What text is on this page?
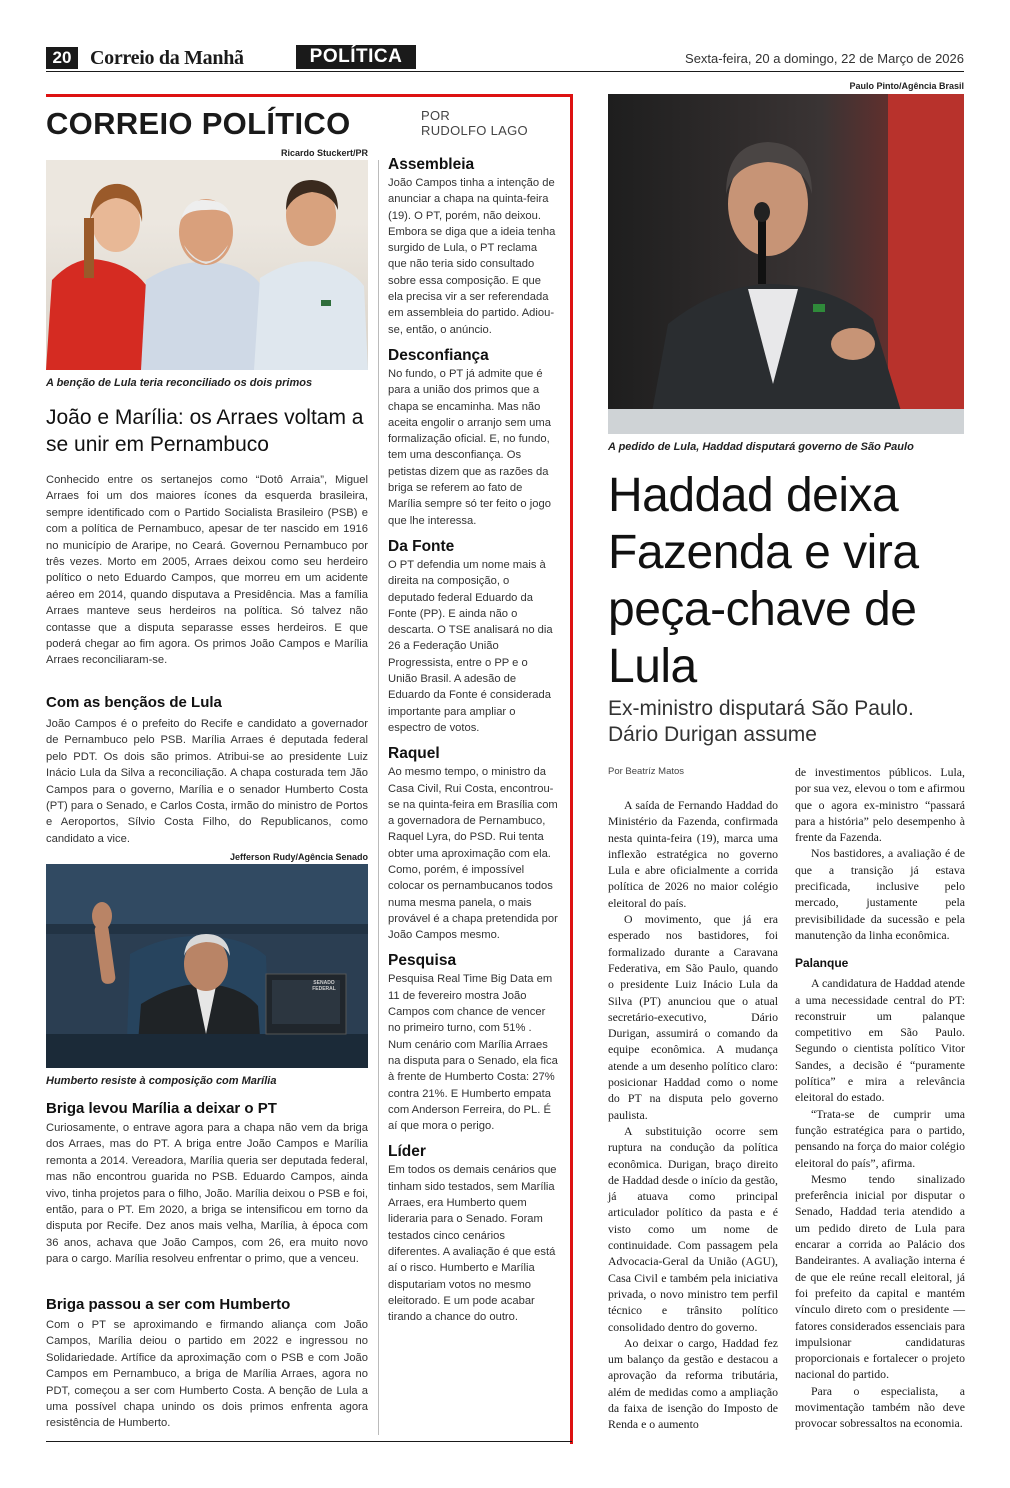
20 Correio da Manhã	POLÍTICA	Sexta-feira, 20 a domingo, 22 de Março de 2026
CORREIO POLÍTICO	POR
RUDOLFO LAGO
Ricardo Stuckert/PR
A benção de Lula teria reconciliado os dois primos
João e Marília: os Arraes voltam a se unir em Pernambuco
Conhecido entre os sertanejos como “Dotô Arraia”, Miguel Arraes foi um dos maiores ícones da esquerda brasileira, sempre identificado com o Partido Socialista Brasileiro (PSB) e com a política de Pernambuco, apesar de ter nascido em 1916 no município de Araripe, no Ceará. Governou Pernambuco por três vezes. Morto em 2005, Arraes deixou como seu herdeiro político o neto Eduardo Campos, que morreu em um acidente aéreo em 2014, quando disputava a Presidência. Mas a família Arraes manteve seus herdeiros na política. Só talvez não contasse que a disputa separasse esses herdeiros. E que poderá chegar ao fim agora. Os primos João Campos e Marília Arraes reconciliaram-se.
Com as bençãos de Lula
João Campos é o prefeito do Recife e candidato a governador de Pernambuco pelo PSB. Marília Arraes é deputada federal pelo PDT. Os dois são primos. Atribui-se ao presidente Luiz Inácio Lula da Silva a reconciliação. A chapa costurada tem Jão Campos para o governo, Marília e o senador Humberto Costa (PT) para o Senado, e Carlos Costa, irmão do ministro de Portos e Aeroportos, Sílvio Costa Filho, do Republicanos, como candidato a vice.
Jefferson Rudy/Agência Senado
SENADO FEDERAL
Humberto resiste à composição com Marília
Briga levou Marília a deixar o PT
Curiosamente, o entrave agora para a chapa não vem da briga dos Arraes, mas do PT. A briga entre João Campos e Marília remonta a 2014. Vereadora, Marília queria ser deputada federal, mas não encontrou guarida no PSB. Eduardo Campos, ainda vivo, tinha projetos para o filho, João. Marília deixou o PSB e foi, então, para o PT. Em 2020, a briga se intensificou em torno da disputa por Recife. Dez anos mais velha, Marília, à época com 36 anos, achava que João Campos, com 26, era muito novo para o cargo. Marília resolveu enfrentar o primo, que a venceu.
Briga passou a ser com Humberto
Com o PT se aproximando e firmando aliança com João Campos, Marília deiou o partido em 2022 e ingressou no Solidariedade. Artífice da aproximação com o PSB e com João Campos em Pernambuco, a briga de Marília Arraes, agora no PDT, começou a ser com Humberto Costa. A benção de Lula a uma possível chapa unindo os dois primos enfrenta agora resistência de Humberto.
Assembleia
João Campos tinha a intenção de anunciar a chapa na quinta-feira (19). O PT, porém, não deixou. Embora se diga que a ideia tenha surgido de Lula, o PT reclama que não teria sido consultado sobre essa composição. E que ela precisa vir a ser referendada em assembleia do partido. Adiou-se, então, o anúncio.
Desconfiança
No fundo, o PT já admite que é para a união dos primos que a chapa se encaminha. Mas não aceita engolir o arranjo sem uma formalização oficial. E, no fundo, tem uma desconfiança. Os petistas dizem que as razões da briga se referem ao fato de Marília sempre só ter feito o jogo que lhe interessa.
Da Fonte
O PT defendia um nome mais à direita na composição, o deputado federal Eduardo da Fonte (PP). E ainda não o descarta. O TSE analisará no dia 26 a Federação União Progressista, entre o PP e o União Brasil. A adesão de Eduardo da Fonte é considerada importante para ampliar o espectro de votos.
Raquel
Ao mesmo tempo, o ministro da Casa Civil, Rui Costa, encontrou-se na quinta-feira em Brasília com a governadora de Pernambuco, Raquel Lyra, do PSD. Rui tenta obter uma aproximação com ela. Como, porém, é impossível colocar os pernambucanos todos numa mesma panela, o mais provável é a chapa pretendida por João Campos mesmo.
Pesquisa
Pesquisa Real Time Big Data em 11 de fevereiro mostra João Campos com chance de vencer no primeiro turno, com 51% . Num cenário com Marília Arraes na disputa para o Senado, ela fica à frente de Humberto Costa: 27% contra 21%. E Humberto empata com Anderson Ferreira, do PL. É aí que mora o perigo.
Líder
Em todos os demais cenários que tinham sido testados, sem Marília Arraes, era Humberto quem lideraria para o Senado. Foram testados cinco cenários diferentes. A avaliação é que está aí o risco. Humberto e Marília disputariam votos no mesmo eleitorado. E um pode acabar tirando a chance do outro.
Paulo Pinto/Agência Brasil
A pedido de Lula, Haddad disputará governo de São Paulo
Haddad deixa Fazenda e vira peça-chave de Lula
Ex-ministro disputará São Paulo. Dário Durigan assume
Por Beatríz Matos

A saída de Fernando Haddad do Ministério da Fazenda, confirmada nesta quinta-feira (19), marca uma inflexão estratégica no governo Lula e abre oficialmente a corrida política de 2026 no maior colégio eleitoral do país.

O movimento, que já era esperado nos bastidores, foi formalizado durante a Caravana Federativa, em São Paulo, quando o presidente Luiz Inácio Lula da Silva (PT) anunciou que o atual secretário-executivo, Dário Durigan, assumirá o comando da equipe econômica. A mudança atende a um desenho político claro: posicionar Haddad como o nome do PT na disputa pelo governo paulista.

A substituição ocorre sem ruptura na condução da política econômica. Durigan, braço direito de Haddad desde o início da gestão, já atuava como principal articulador político da pasta e é visto como um nome de continuidade. Com passagem pela Advocacia-Geral da União (AGU), Casa Civil e também pela iniciativa privada, o novo ministro tem perfil técnico e trânsito político consolidado dentro do governo.

Ao deixar o cargo, Haddad fez um balanço da gestão e destacou a aprovação da reforma tributária, além de medidas como a ampliação da faixa de isenção do Imposto de Renda e o aumento

de investimentos públicos. Lula, por sua vez, elevou o tom e afirmou que o agora ex-ministro “passará para a história” pelo desempenho à frente da Fazenda.

Nos bastidores, a avaliação é de que a transição já estava precificada, inclusive pelo mercado, justamente pela previsibilidade da sucessão e pela manutenção da linha econômica.

Palanque

A candidatura de Haddad atende a uma necessidade central do PT: reconstruir um palanque competitivo em São Paulo. Segundo o cientista político Vitor Sandes, a decisão é “puramente política” e mira a relevância eleitoral do estado.

“Trata-se de cumprir uma função estratégica para o partido, pensando na força do maior colégio eleitoral do país”, afirma.

Mesmo tendo sinalizado preferência inicial por disputar o Senado, Haddad teria atendido a um pedido direto de Lula para encarar a corrida ao Palácio dos Bandeirantes. A avaliação interna é de que ele reúne recall eleitoral, já foi prefeito da capital e mantém vínculo direto com o presidente — fatores considerados essenciais para impulsionar candidaturas proporcionais e fortalecer o projeto nacional do partido.

Para o especialista, a movimentação também não deve provocar sobressaltos na economia.
